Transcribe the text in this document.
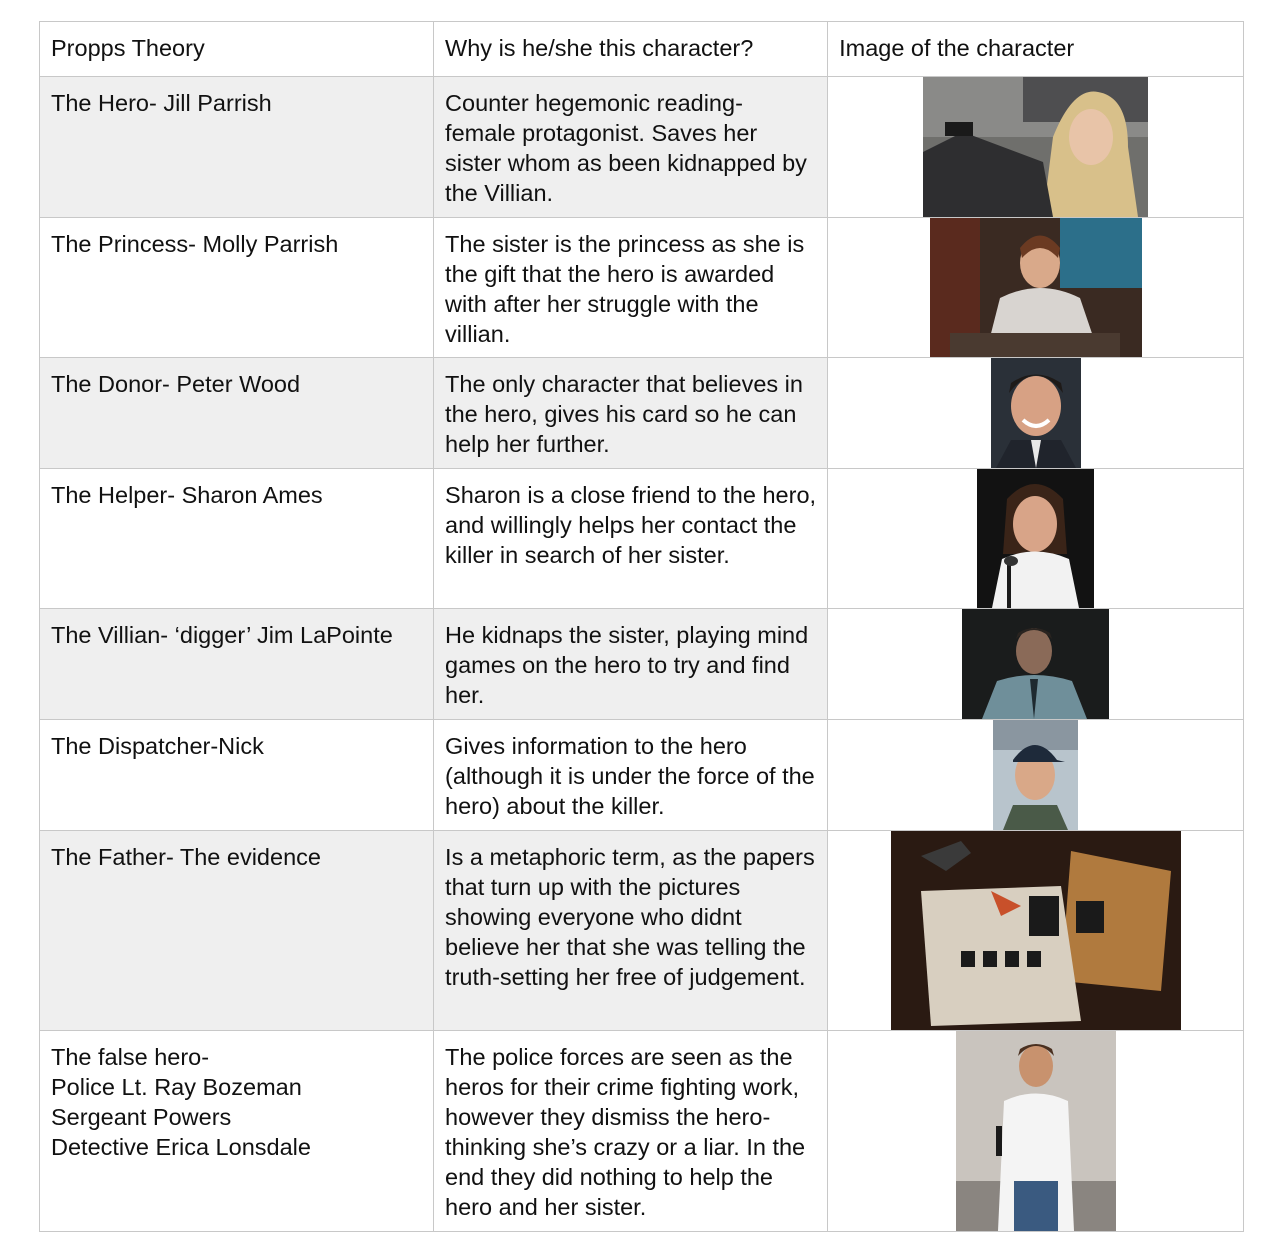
Propps Theory	Why is he/she this character?	Image of the character
The Hero- Jill Parrish	Counter hegemonic reading- female protagonist. Saves her sister whom as been kidnapped by the Villian.	

The Princess- Molly Parrish	The sister is the princess as she is the gift that the hero is awarded with after her struggle with the villian.	

The Donor- Peter Wood	The only character that believes in the hero, gives his card so he can help her further.	

The Helper- Sharon Ames	Sharon is a close friend to the hero, and willingly helps her contact the killer in search of her sister.	

The Villian- ‘digger’ Jim LaPointe	He kidnaps the sister, playing mind games on the hero to try and find her.	

The Dispatcher-Nick	Gives information to the hero (although it is under the force of the hero) about the killer.	

The Father- The evidence	Is a metaphoric term, as the papers that turn up with the pictures showing everyone who didnt believe her that she was telling the truth-setting her free of judgement.	

The false hero-
Police Lt. Ray Bozeman
Sergeant Powers
Detective Erica Lonsdale	The police forces are seen as the heros for their crime fighting work, however they dismiss the hero- thinking she’s crazy or a liar. In the end they did nothing to help the hero and her sister.	
